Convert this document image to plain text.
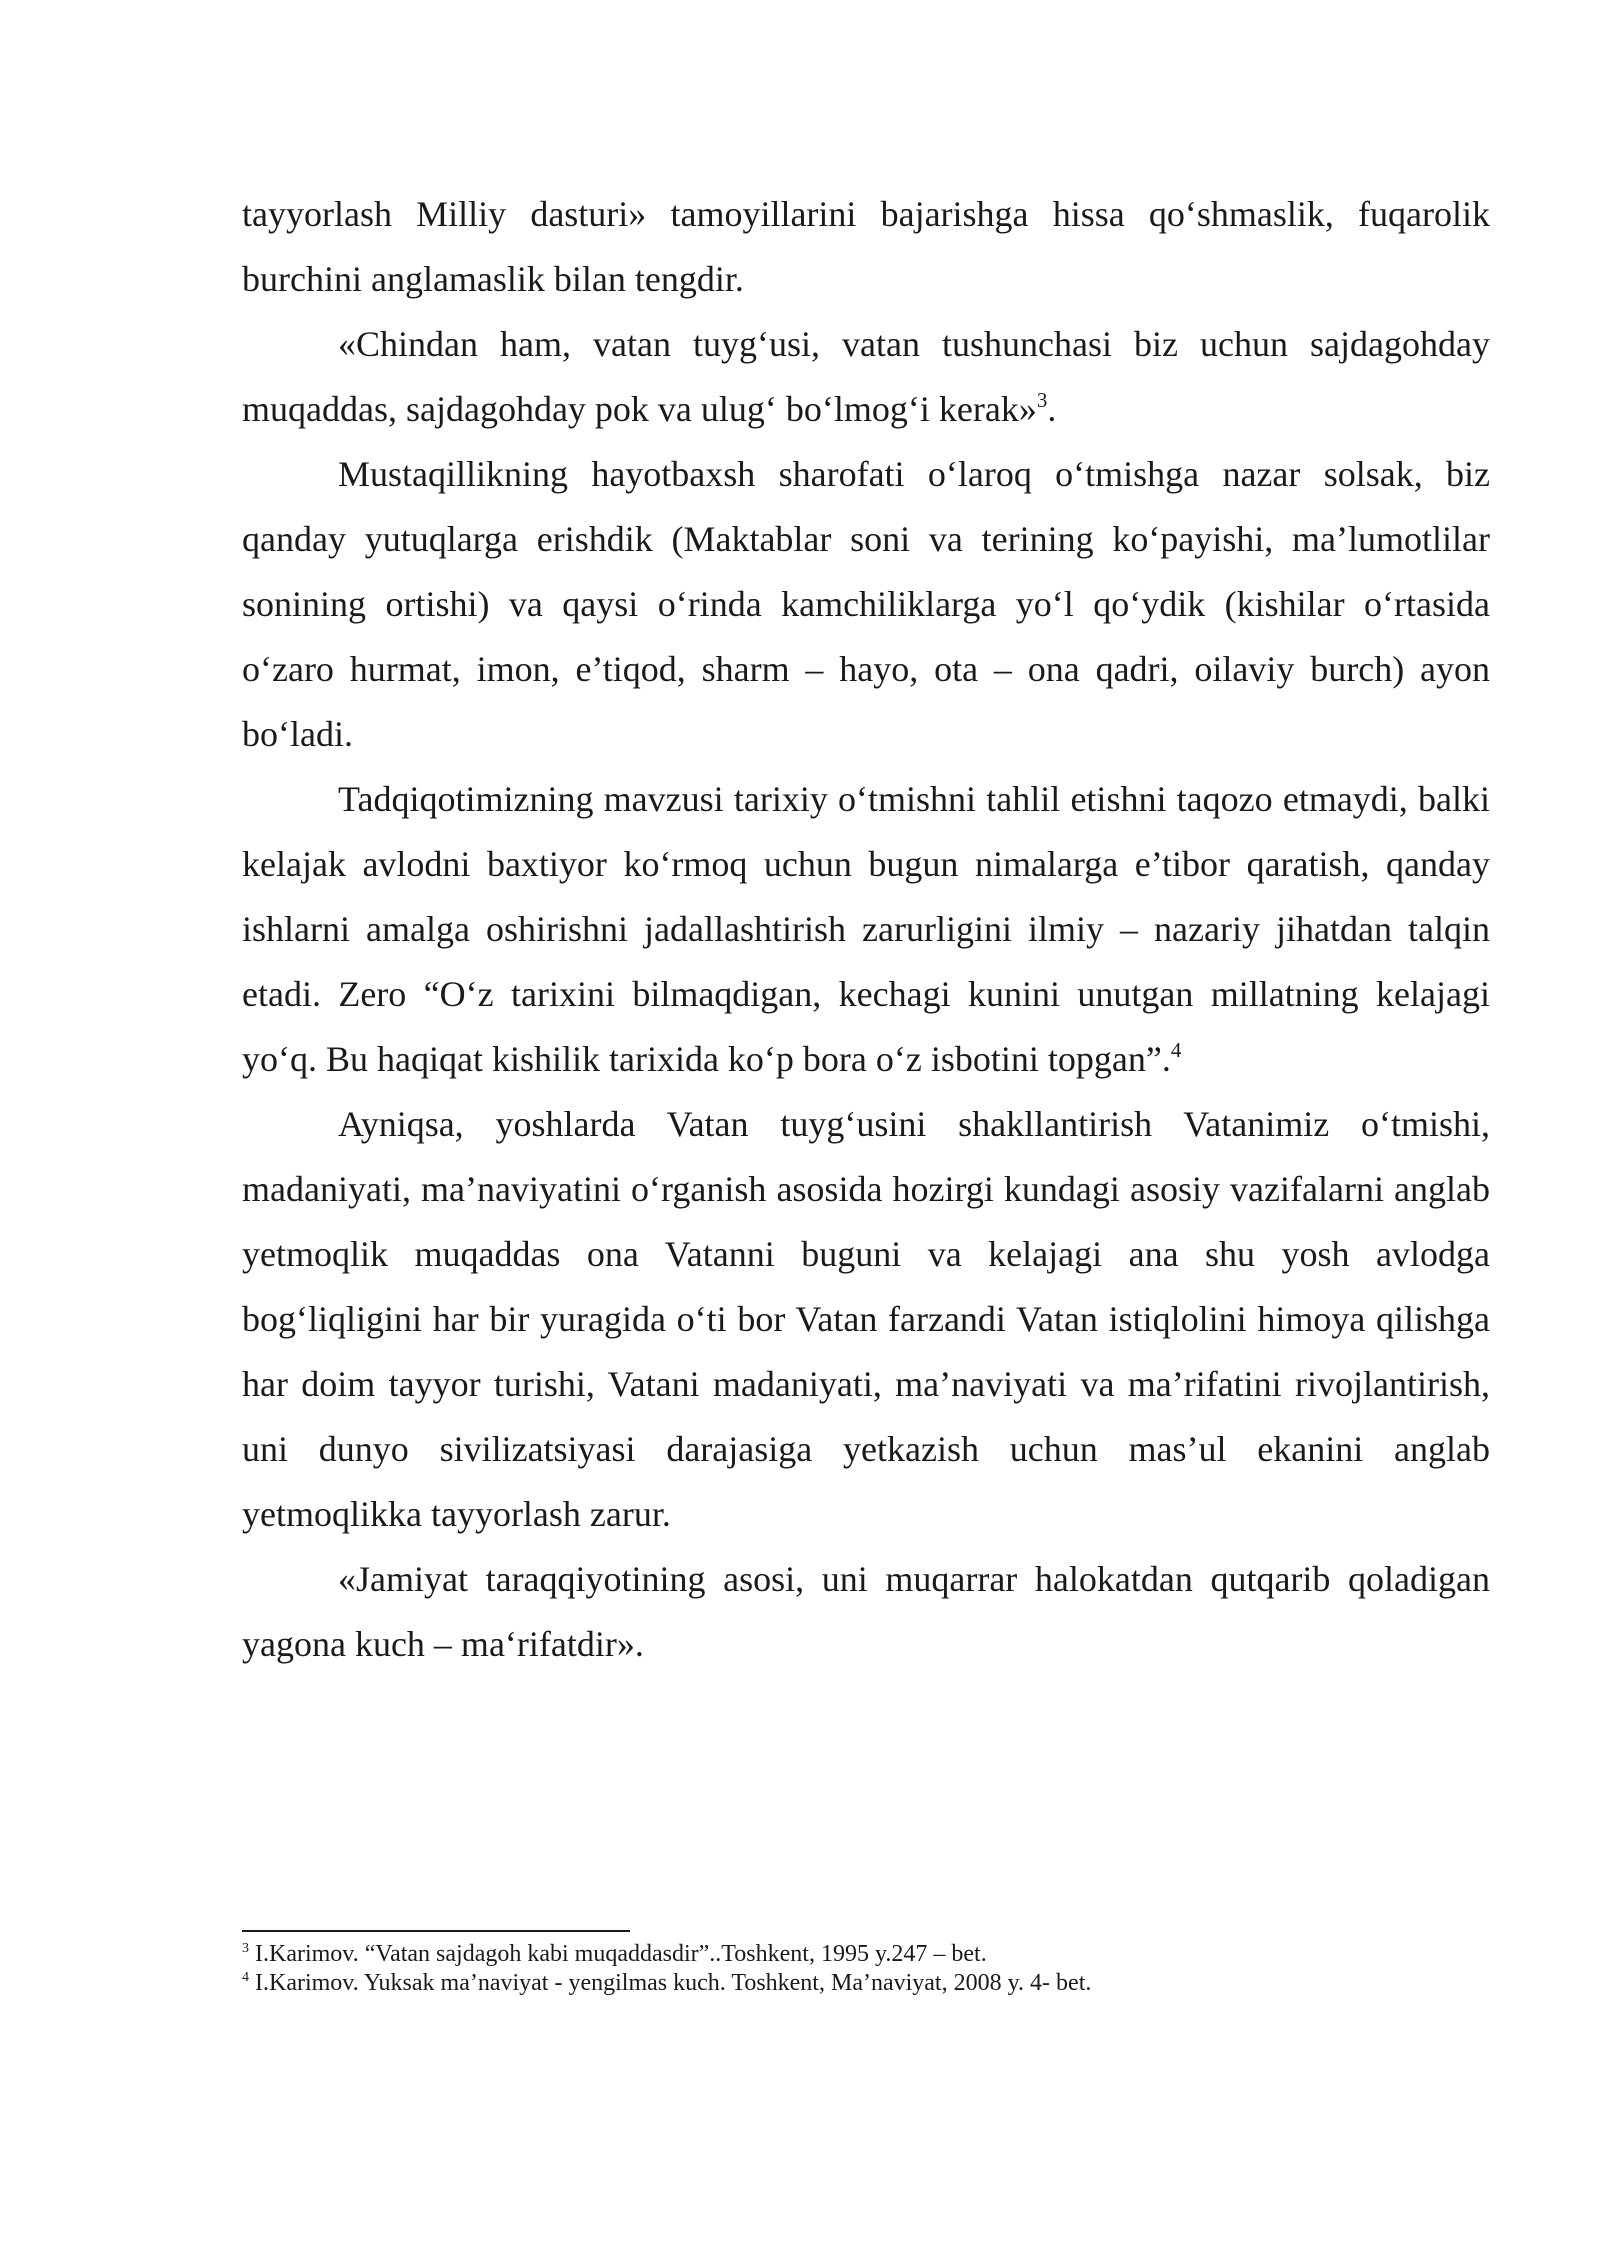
tayyorlash Milliy dasturi» tamoyillarini bajarishga hissa qo‘shmaslik, fuqarolik burchini anglamaslik bilan tengdir.

«Chindan ham, vatan tuyg‘usi, vatan tushunchasi biz uchun sajdagohday muqaddas, sajdagohday pok va ulug‘ bo‘lmog‘i kerak»$^3$.

Mustaqillikning hayotbaxsh sharofati o‘laroq o‘tmishga nazar solsak, biz qanday yutuqlarga erishdik (Maktablar soni va terining ko‘payishi, ma’lumotlilar sonining ortishi) va qaysi o‘rinda kamchiliklarga yo‘l qo‘ydik (kishilar o‘rtasida o‘zaro hurmat, imon, e’tiqod, sharm – hayo, ota – ona qadri, oilaviy burch) ayon bo‘ladi.

Tadqiqotimizning mavzusi tarixiy o‘tmishni tahlil etishni taqozo etmaydi, balki kelajak avlodni baxtiyor ko‘rmoq uchun bugun nimalarga e’tibor qaratish, qanday ishlarni amalga oshirishni jadallashtirish zarurligini ilmiy – nazariy jihatdan talqin etadi. Zero “O‘z tarixini bilmaqdigan, kechagi kunini unutgan millatning kelajagi yo‘q. Bu haqiqat kishilik tarixida ko‘p bora o‘z isbotini topgan”.$^4$

Ayniqsa, yoshlarda Vatan tuyg‘usini shakllantirish Vatanimiz o‘tmishi, madaniyati, ma’naviyatini o‘rganish asosida hozirgi kundagi asosiy vazifalarni anglab yetmoqlik muqaddas ona Vatanni buguni va kelajagi ana shu yosh avlodga bog‘liqligini har bir yuragida o‘ti bor Vatan farzandi Vatan istiqlolini himoya qilishga har doim tayyor turishi, Vatani madaniyati, ma’naviyati va ma’rifatini rivojlantirish, uni dunyo sivilizatsiyasi darajasiga yetkazish uchun mas’ul ekanini anglab yetmoqlikka tayyorlash zarur.

«Jamiyat taraqqiyotining asosi, uni muqarrar halokatdan qutqarib qoladigan yagona kuch – ma‘rifatdir».

$^3$ I.Karimov. “Vatan sajdagoh kabi muqaddasdir”..Toshkent, 1995 y.247 – bet.

$^4$ I.Karimov. Yuksak ma’naviyat - yengilmas kuch. Toshkent, Ma’naviyat, 2008 y. 4- bet.
